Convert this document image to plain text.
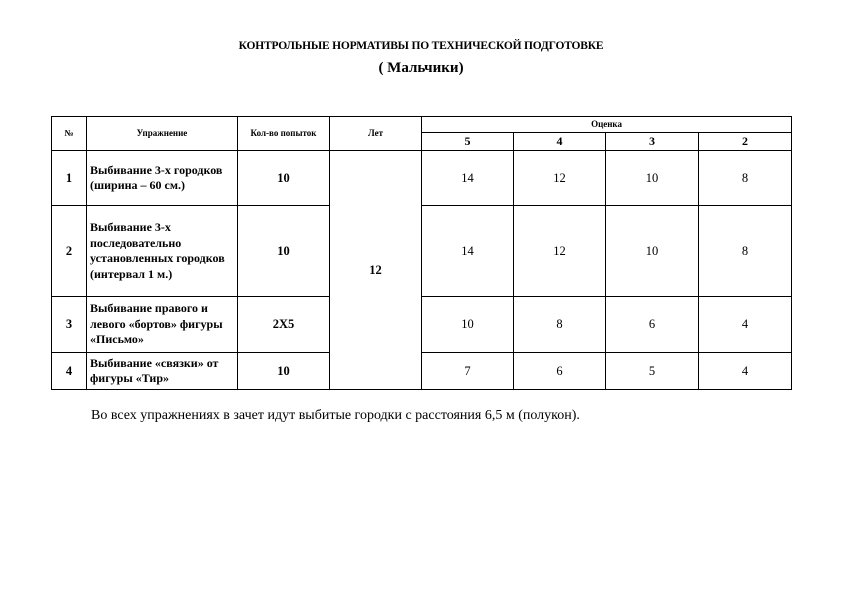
КОНТРОЛЬНЫЕ НОРМАТИВЫ ПО ТЕХНИЧЕСКОЙ ПОДГОТОВКЕ
( Мальчики)
№	Упражнение	Кол-во попыток	Лет	Оценка			
				5	4	3	2
1	Выбивание 3-х городков (ширина – 60 см.)	10	12	14	12	10	8
2	Выбивание 3-х последовательно установленных городков (интервал 1 м.)	10		14	12	10	8
3	Выбивание правого и левого «бортов» фигуры «Письмо»	2Х5		10	8	6	4
4	Выбивание «связки» от фигуры «Тир»	10		7	6	5	4
Во всех упражнениях в зачет идут выбитые городки с расстояния 6,5 м (полукон).
